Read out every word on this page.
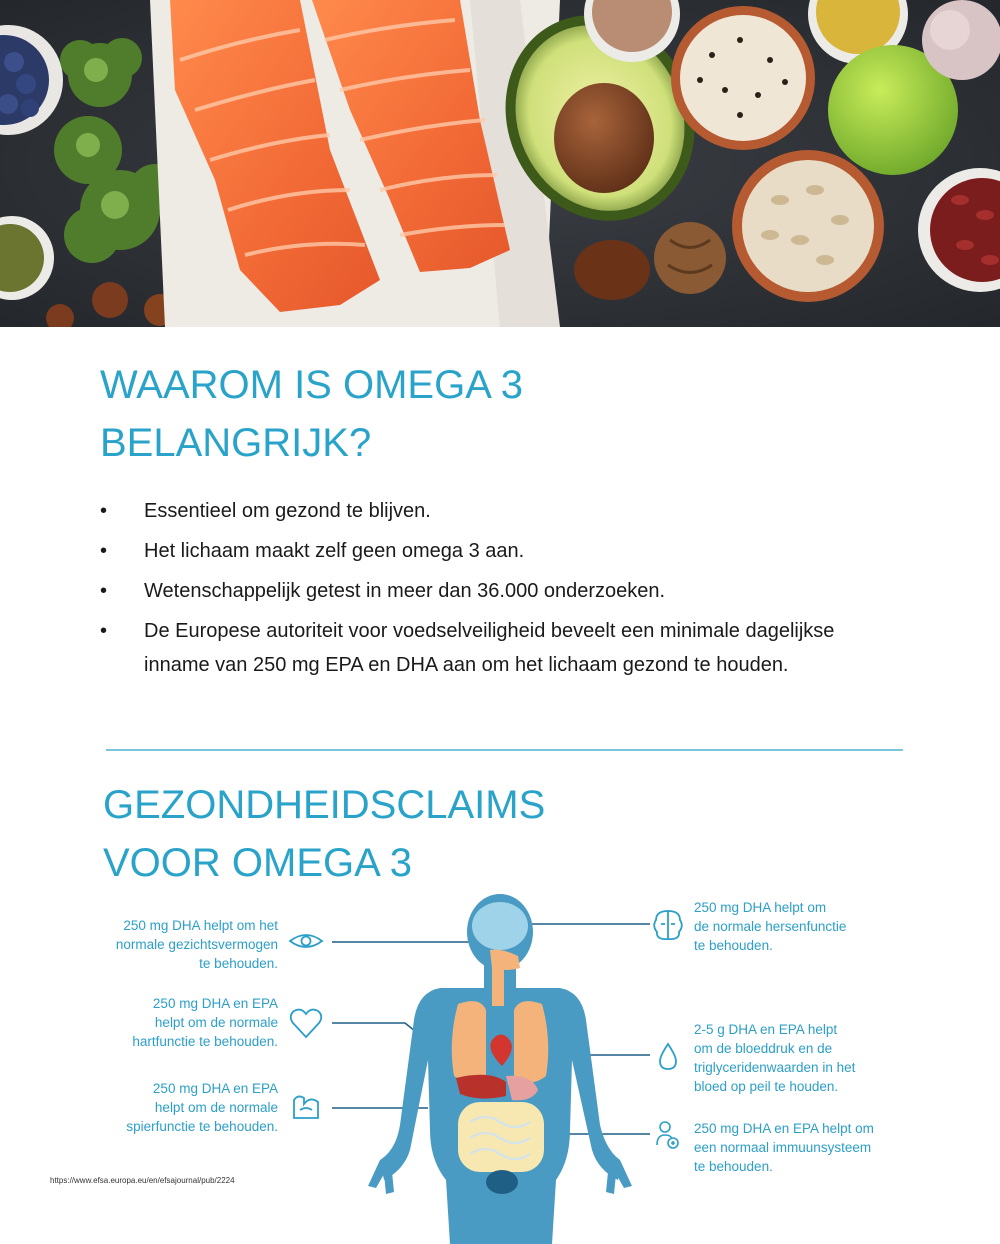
WAAROM IS OMEGA 3
BELANGRIJK?
• Essentieel om gezond te blijven.
• Het lichaam maakt zelf geen omega 3 aan.
• Wetenschappelijk getest in meer dan 36.000 onderzoeken.
• De Europese autoriteit voor voedselveiligheid beveelt een minimale dagelijkse inname van 250 mg EPA en DHA aan om het lichaam gezond te houden.
GEZONDHEIDSCLAIMS
VOOR OMEGA 3

250 mg DHA helpt om het
normale gezichtsvermogen
te behouden.

250 mg DHA en EPA
helpt om de normale
hartfunctie te behouden.

250 mg DHA en EPA
helpt om de normale
spierfunctie te behouden.

250 mg DHA helpt om
de normale hersenfunctie
te behouden.

2-5 g DHA en EPA helpt
om de bloeddruk en de
triglyceridenwaarden in het
bloed op peil te houden.

250 mg DHA en EPA helpt om
een normaal immuunsysteem
te behouden.

https://www.efsa.europa.eu/en/efsajournal/pub/2224
